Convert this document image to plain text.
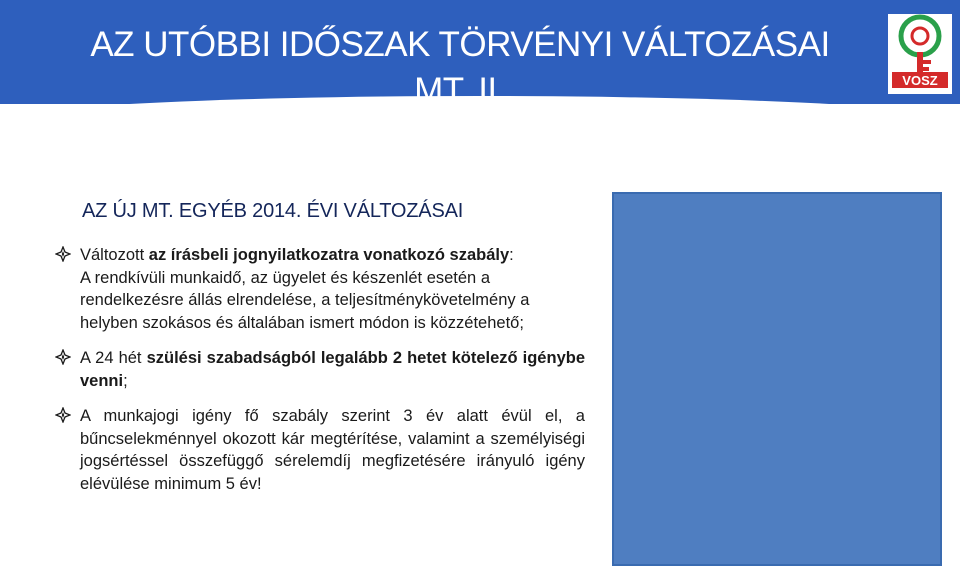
AZ UTÓBBI IDŐSZAK TÖRVÉNYI VÁLTOZÁSAI
MT. II.	VOSZ
AZ ÚJ MT. EGYÉB 2014. ÉVI VÁLTOZÁSAI
Változott az írásbeli jognyilatkozatra vonatkozó szabály:
A rendkívüli munkaidő, az ügyelet és készenlét esetén a rendelkezésre állás elrendelése, a teljesítménykövetelmény a helyben szokásos és általában ismert módon is közzétehető;
A 24 hét szülési szabadságból legalább 2 hetet kötelező igénybe venni;
A munkajogi igény fő szabály szerint 3 év alatt évül el, a bűncselekménnyel okozott kár megtérítése, valamint a személyiségi jogsértéssel összefüggő sérelemdíj megfizetésére irányuló igény elévülése minimum 5 év!
